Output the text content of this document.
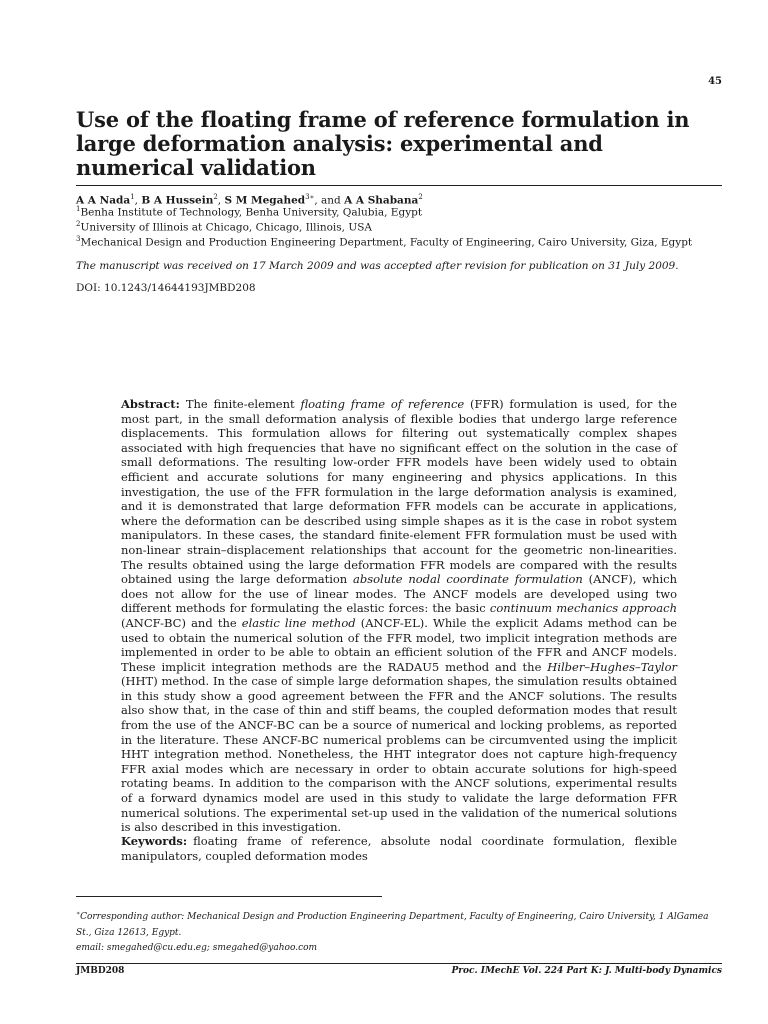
45
Use of the floating frame of reference formulation in large deformation analysis: experimental and numerical validation
A A Nada$^1$, B A Hussein$^2$, S M Megahed$^{3∗}$, and A A Shabana$^2$
$^1$Benha Institute of Technology, Benha University, Qalubia, Egypt
$^2$University of Illinois at Chicago, Chicago, Illinois, USA
$^3$Mechanical Design and Production Engineering Department, Faculty of Engineering, Cairo University, Giza, Egypt
The manuscript was received on 17 March 2009 and was accepted after revision for publication on 31 July 2009.
DOI: 10.1243/14644193JMBD208

Abstract: The finite-element floating frame of reference (FFR) formulation is used, for the most part, in the small deformation analysis of flexible bodies that undergo large reference displacements. This formulation allows for filtering out systematically complex shapes associated with high frequencies that have no significant effect on the solution in the case of small deformations. The resulting low-order FFR models have been widely used to obtain efficient and accurate solutions for many engineering and physics applications. In this investigation, the use of the FFR formulation in the large deformation analysis is examined, and it is demonstrated that large deformation FFR models can be accurate in applications, where the deformation can be described using simple shapes as it is the case in robot system manipulators. In these cases, the standard finite-element FFR formulation must be used with non-linear strain–displacement relationships that account for the geometric non-linearities. The results obtained using the large deformation FFR models are compared with the results obtained using the large deformation absolute nodal coordinate formulation (ANCF), which does not allow for the use of linear modes. The ANCF models are developed using two different methods for formulating the elastic forces: the basic continuum mechanics approach (ANCF-BC) and the elastic line method (ANCF-EL). While the explicit Adams method can be used to obtain the numerical solution of the FFR model, two implicit integration methods are implemented in order to be able to obtain an efficient solution of the FFR and ANCF models. These implicit integration methods are the RADAU5 method and the Hilber–Hughes–Taylor (HHT) method. In the case of simple large deformation shapes, the simulation results obtained in this study show a good agreement between the FFR and the ANCF solutions. The results also show that, in the case of thin and stiff beams, the coupled deformation modes that result from the use of the ANCF-BC can be a source of numerical and locking problems, as reported in the literature. These ANCF-BC numerical problems can be circumvented using the implicit HHT integration method. Nonetheless, the HHT integrator does not capture high-frequency FFR axial modes which are necessary in order to obtain accurate solutions for high-speed rotating beams. In addition to the comparison with the ANCF solutions, experimental results of a forward dynamics model are used in this study to validate the large deformation FFR numerical solutions. The experimental set-up used in the validation of the numerical solutions is also described in this investigation.

Keywords: floating frame of reference, absolute nodal coordinate formulation, flexible manipulators, coupled deformation modes

∗Corresponding author: Mechanical Design and Production Engineering Department, Faculty of Engineering, Cairo University, 1 AlGamea St., Giza 12613, Egypt.
email: smegahed@cu.edu.eg; smegahed@yahoo.com

JMBD208	Proc. IMechE Vol. 224 Part K: J. Multi-body Dynamics
